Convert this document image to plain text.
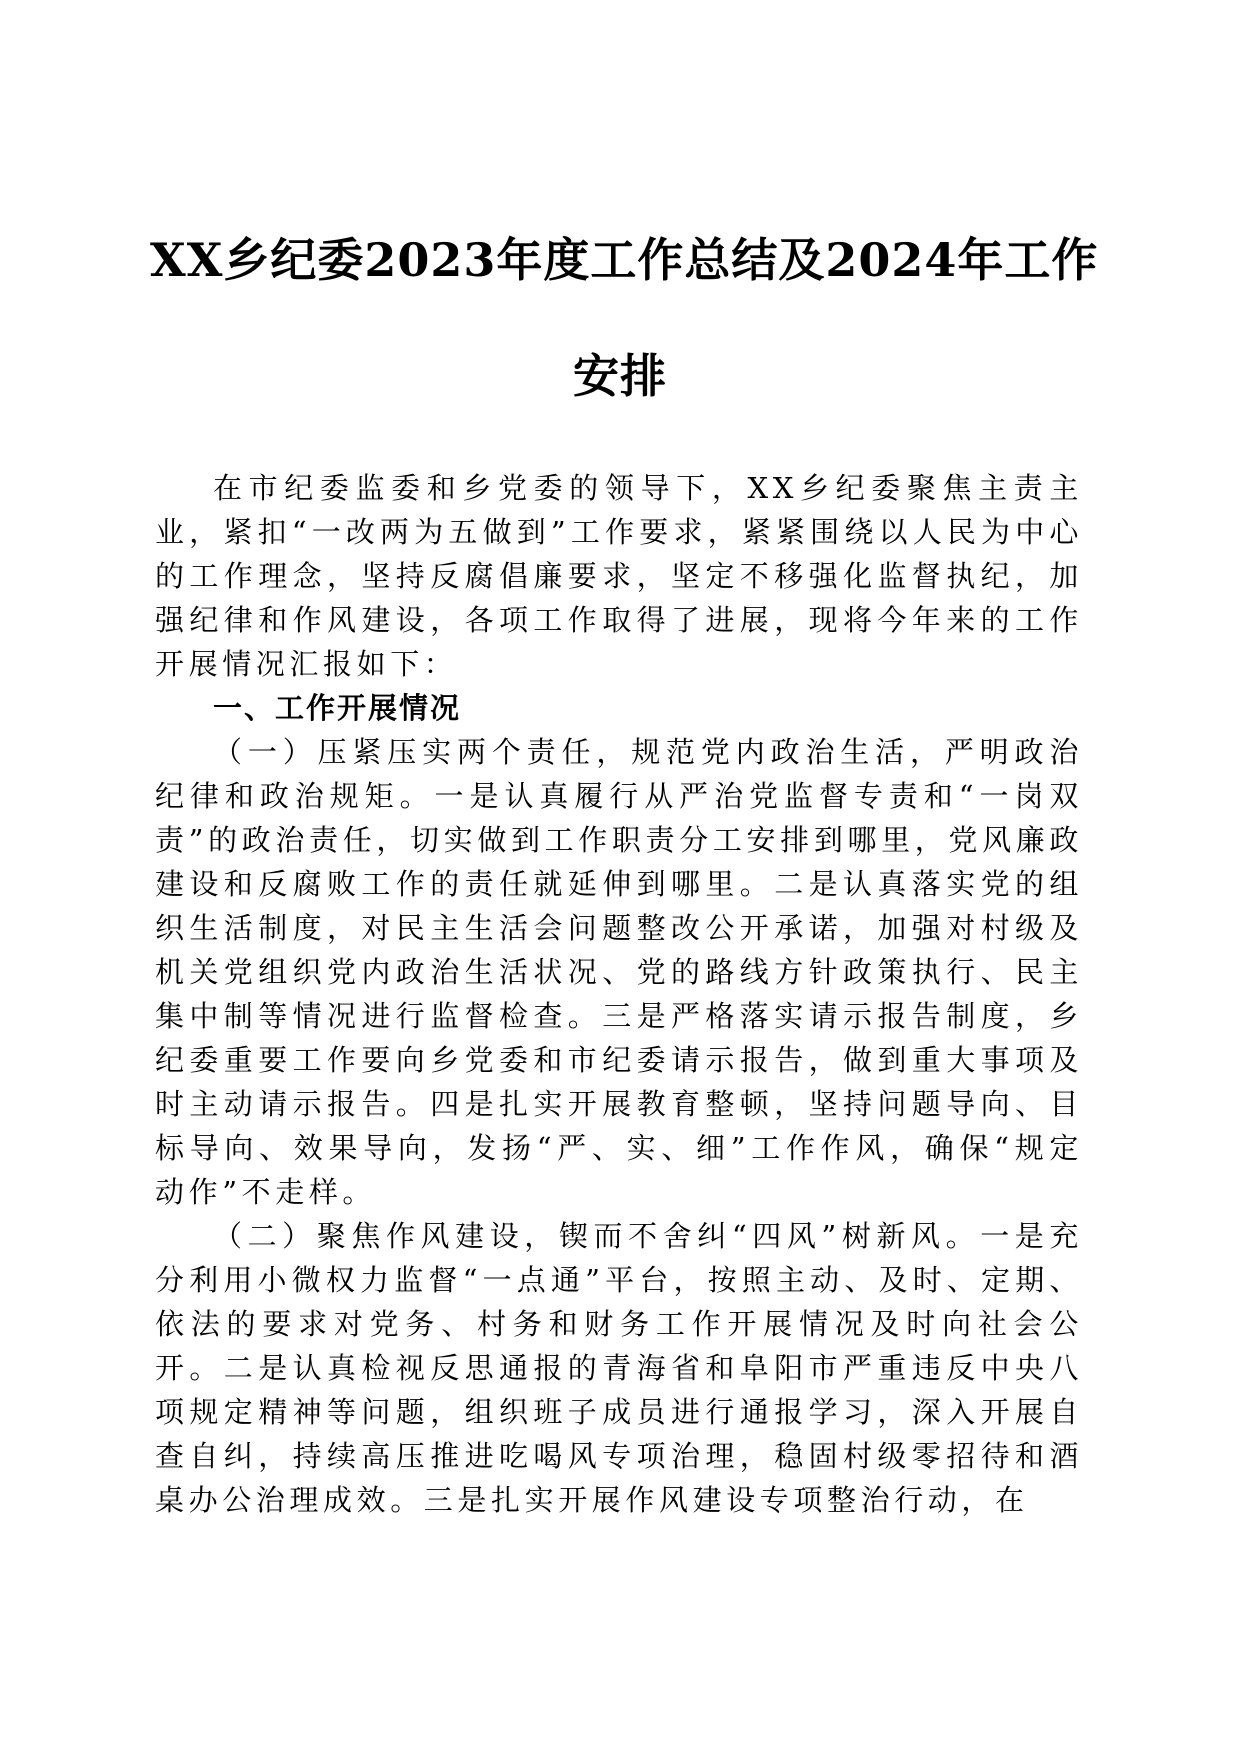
XX乡纪委2023年度工作总结及2024年工作
安排

在市纪委监委和乡党委的领导下，XX乡纪委聚焦主责主业，紧扣“一改两为五做到”工作要求，紧紧围绕以人民为中心的工作理念，坚持反腐倡廉要求，坚定不移强化监督执纪，加强纪律和作风建设，各项工作取得了进展，现将今年来的工作开展情况汇报如下：

一、工作开展情况

（一）压紧压实两个责任，规范党内政治生活，严明政治纪律和政治规矩。一是认真履行从严治党监督专责和“一岗双责”的政治责任，切实做到工作职责分工安排到哪里，党风廉政建设和反腐败工作的责任就延伸到哪里。二是认真落实党的组织生活制度，对民主生活会问题整改公开承诺，加强对村级及机关党组织党内政治生活状况、党的路线方针政策执行、民主集中制等情况进行监督检查。三是严格落实请示报告制度，乡纪委重要工作要向乡党委和市纪委请示报告，做到重大事项及时主动请示报告。四是扎实开展教育整顿，坚持问题导向、目标导向、效果导向，发扬“严、实、细”工作作风，确保“规定动作”不走样。

（二）聚焦作风建设，锲而不舍纠“四风”树新风。一是充分利用小微权力监督“一点通”平台，按照主动、及时、定期、依法的要求对党务、村务和财务工作开展情况及时向社会公开。二是认真检视反思通报的青海省和阜阳市严重违反中央八项规定精神等问题，组织班子成员进行通报学习，深入开展自查自纠，持续高压推进吃喝风专项治理，稳固村级零招待和酒桌办公治理成效。三是扎实开展作风建设专项整治行动，在
